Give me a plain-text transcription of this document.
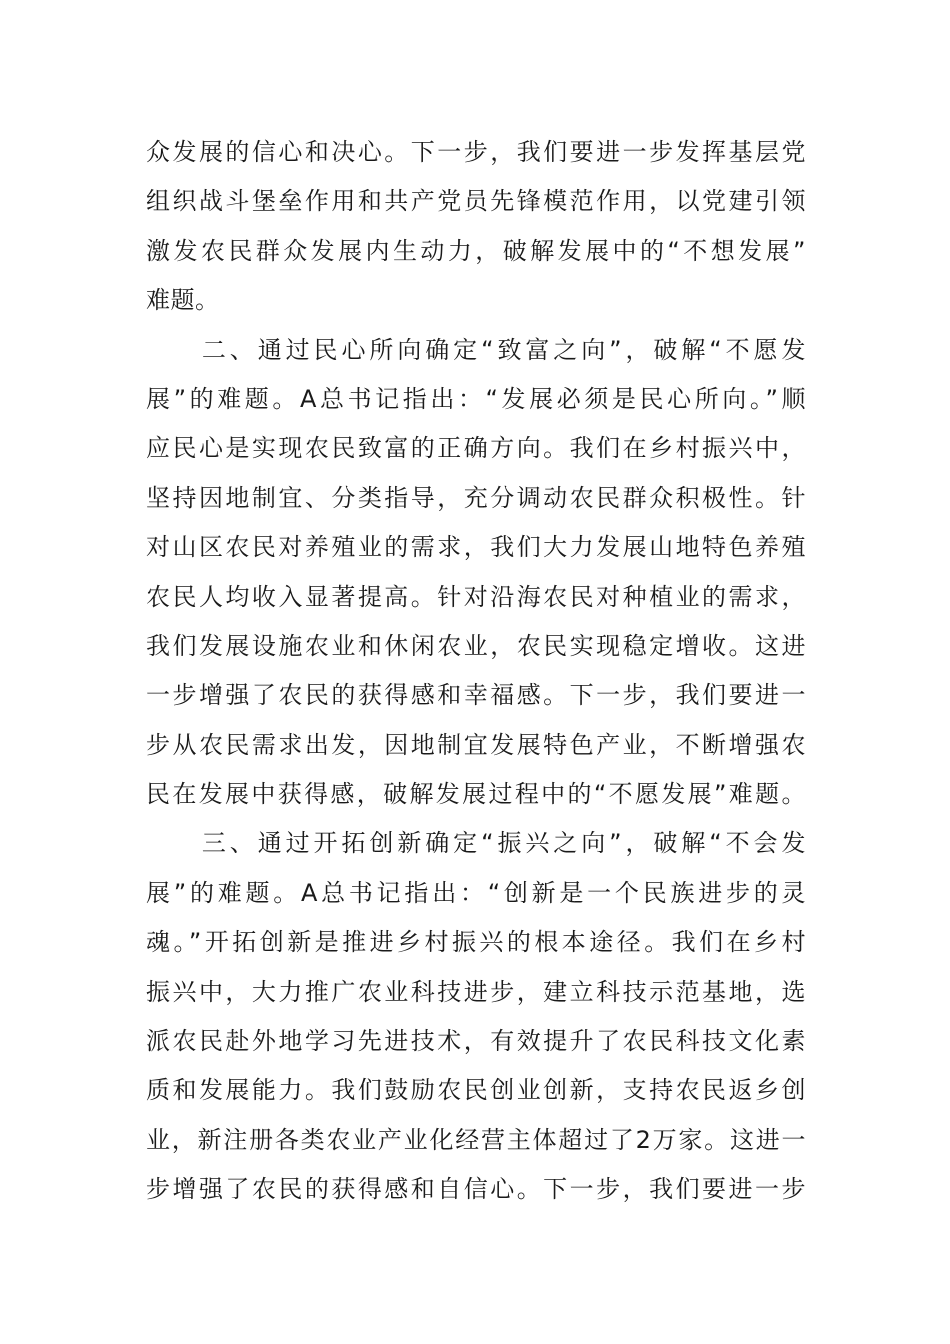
众发展的信心和决心。下一步，我们要进一步发挥基层党
组织战斗堡垒作用和共产党员先锋模范作用，以党建引领
激发农民群众发展内生动力，破解发展中的“不想发展”
难题。
　　二、通过民心所向确定“致富之向”，破解“不愿发
展”的难题。A总书记指出：“发展必须是民心所向。”顺
应民心是实现农民致富的正确方向。我们在乡村振兴中，
坚持因地制宜、分类指导，充分调动农民群众积极性。针
对山区农民对养殖业的需求，我们大力发展山地特色养殖
农民人均收入显著提高。针对沿海农民对种植业的需求，
我们发展设施农业和休闲农业，农民实现稳定增收。这进
一步增强了农民的获得感和幸福感。下一步，我们要进一
步从农民需求出发，因地制宜发展特色产业，不断增强农
民在发展中获得感，破解发展过程中的“不愿发展”难题。
　　三、通过开拓创新确定“振兴之向”，破解“不会发
展”的难题。A总书记指出：“创新是一个民族进步的灵
魂。”开拓创新是推进乡村振兴的根本途径。我们在乡村
振兴中，大力推广农业科技进步，建立科技示范基地，选
派农民赴外地学习先进技术，有效提升了农民科技文化素
质和发展能力。我们鼓励农民创业创新，支持农民返乡创
业，新注册各类农业产业化经营主体超过了2万家。这进一
步增强了农民的获得感和自信心。下一步，我们要进一步
